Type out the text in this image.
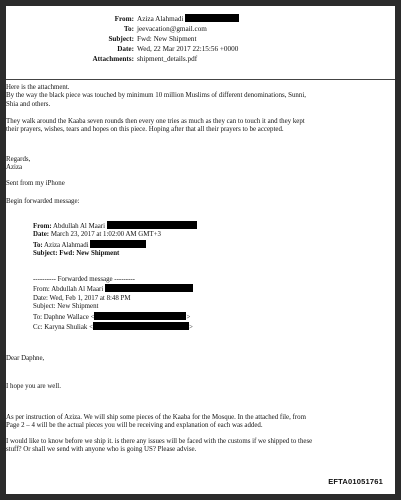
From: Aziza Alahmadi
To: jeevacation@gmail.com
Subject: Fwd: New Shipment
Date: Wed, 22 Mar 2017 22:15:56 +0000
Attachments: shipment_details.pdf
Here is the attachment.
By the way the black piece was touched by minimum 10 million Muslims of different denominations, Sunni,
Shia and others.
They walk around the Kaaba seven rounds then every one tries as much as they can to touch it and they kept
their prayers, wishes, tears and hopes on this piece. Hoping after that all their prayers to be accepted.
Regards,
Aziza
Sent from my iPhone
Begin forwarded message:
From: Abdullah Al Maari
Date: March 23, 2017 at 1:02:00 AM GMT+3
To: Aziza Alahmadi
Subject: Fwd: New Shipment
---------- Forwarded message ---------
From: Abdullah Al Maari
Date: Wed, Feb 1, 2017 at 8:48 PM
Subject: New Shipment
To: Daphne Wallace <	>
Cc: Karyna Shuliak <	>
Dear Daphne,
I hope you are well.
As per instruction of Aziza. We will ship some pieces of the Kaaba for the Mosque. In the attached file, from
Page 2 – 4 will be the actual pieces you will be receiving and explanation of each was added.
I would like to know before we ship it. is there any issues will be faced with the customs if we shipped to these
stuff? Or shall we send with anyone who is going US? Please advise.
EFTA01051761
